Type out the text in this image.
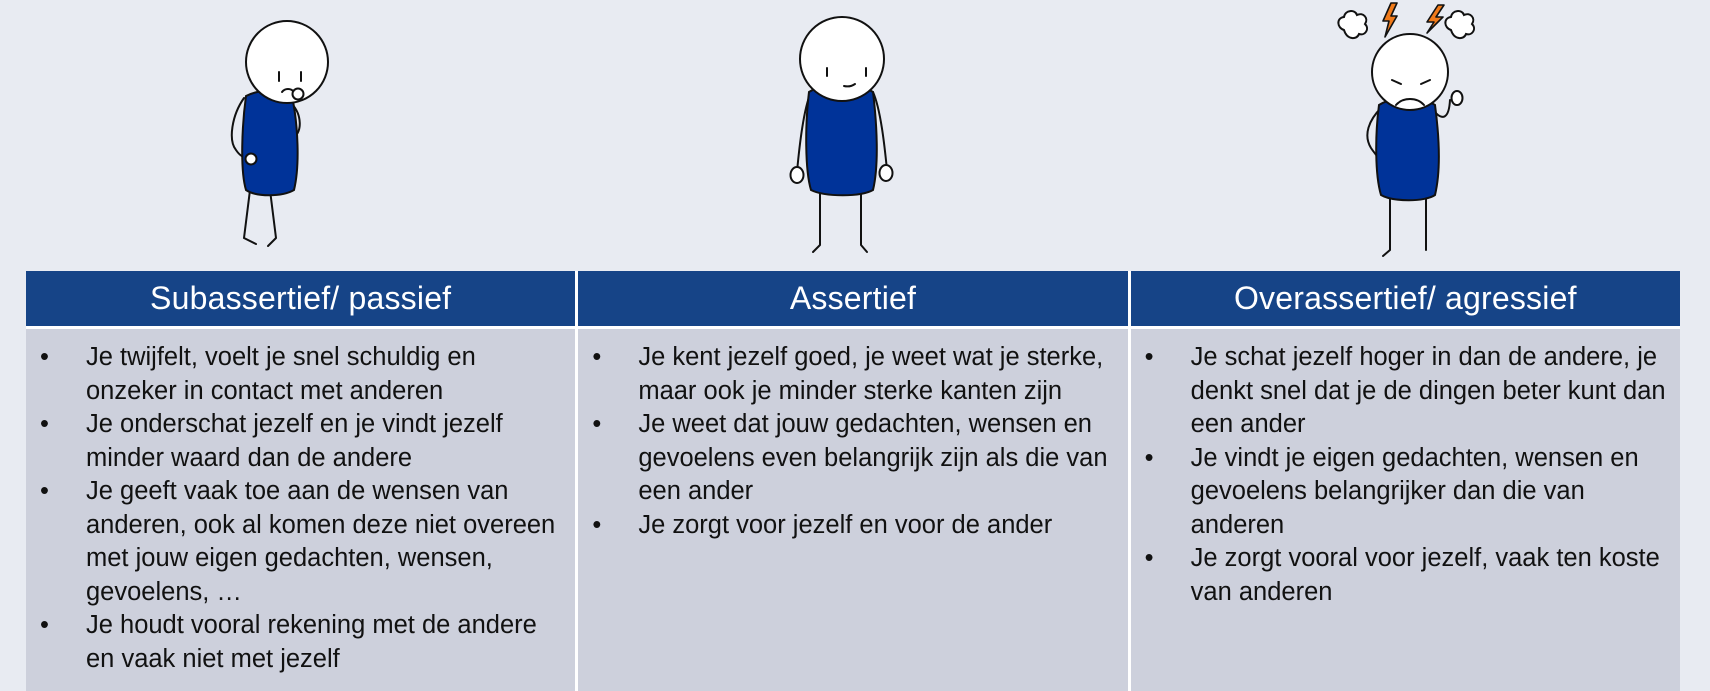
Subassertief/ passief
• Je twijfelt, voelt je snel schuldig en onzeker in contact met anderen
• Je onderschat jezelf en je vindt jezelf minder waard dan de andere
• Je geeft vaak toe aan de wensen van anderen, ook al komen deze niet overeen met jouw eigen gedachten, wensen, gevoelens, …
• Je houdt vooral rekening met de andere en vaak niet met jezelf
Assertief
• Je kent jezelf goed, je weet wat je sterke, maar ook je minder sterke kanten zijn
• Je weet dat jouw gedachten, wensen en gevoelens even belangrijk zijn als die van een ander
• Je zorgt voor jezelf en voor de ander
Overassertief/ agressief
• Je schat jezelf hoger in dan de andere, je denkt snel dat je de dingen beter kunt dan een ander
• Je vindt je eigen gedachten, wensen en gevoelens belangrijker dan die van anderen
• Je zorgt vooral voor jezelf, vaak ten koste van anderen
